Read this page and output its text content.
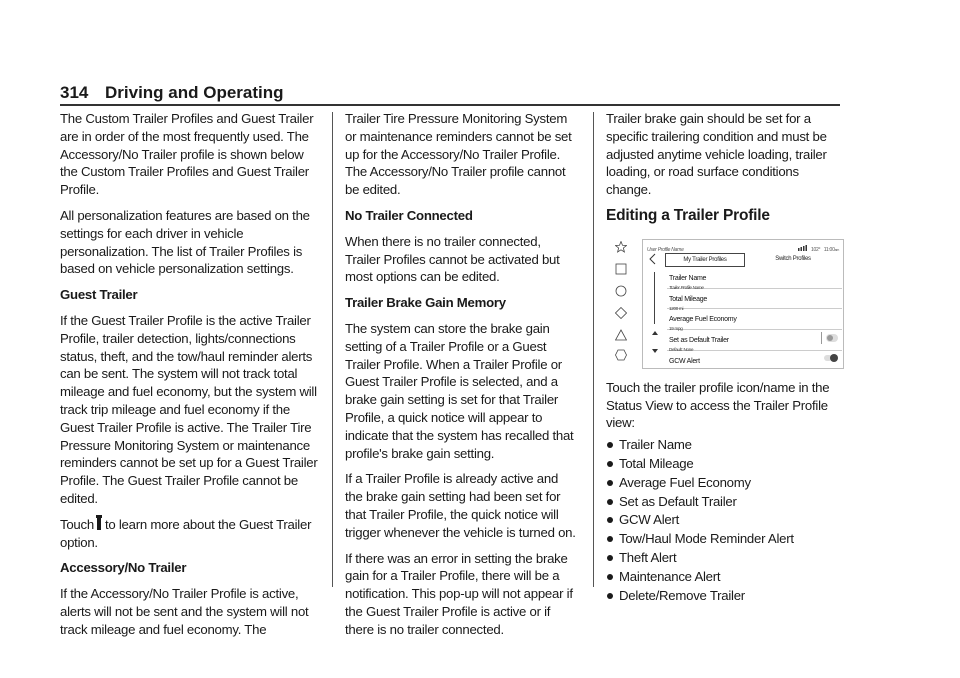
314 Driving and Operating

The Custom Trailer Profiles and Guest Trailer are in order of the most frequently used. The Accessory/No Trailer profile is shown below the Custom Trailer Profiles and Guest Trailer Profile.

All personalization features are based on the settings for each driver in vehicle personalization. The list of Trailer Profiles is based on vehicle personalization settings.

Guest Trailer

If the Guest Trailer Profile is the active Trailer Profile, trailer detection, lights/connections status, theft, and the tow/haul reminder alerts can be sent. The system will not track total mileage and fuel economy, but the system will track trip mileage and fuel economy if the Guest Trailer Profile is active. The Trailer Tire Pressure Monitoring System or maintenance reminders cannot be set up for a Guest Trailer Profile. The Guest Trailer Profile cannot be edited.

Touch to learn more about the Guest Trailer option.

Accessory/No Trailer

If the Accessory/No Trailer Profile is active, alerts will not be sent and the system will not track mileage and fuel economy. The

Trailer Tire Pressure Monitoring System or maintenance reminders cannot be set up for the Accessory/No Trailer Profile. The Accessory/No Trailer profile cannot be edited.

No Trailer Connected

When there is no trailer connected, Trailer Profiles cannot be activated but most options can be edited.

Trailer Brake Gain Memory

The system can store the brake gain setting of a Trailer Profile or a Guest Trailer Profile. When a Trailer Profile or Guest Trailer Profile is selected, and a brake gain setting is set for that Trailer Profile, a quick notice will appear to indicate that the system has recalled that profile's brake gain setting.

If a Trailer Profile is already active and the brake gain setting had been set for that Trailer Profile, the quick notice will trigger whenever the vehicle is turned on.

If there was an error in setting the brake gain for a Trailer Profile, there will be a notification. This pop-up will not appear if the Guest Trailer Profile is active or if there is no trailer connected.

Trailer brake gain should be set for a specific trailering condition and must be adjusted anytime vehicle loading, trailer loading, or road surface conditions change.

Editing a Trailer Profile
User Profile Name	102° 11:00am
My Trailer Profiles	Switch Profiles
Trailer Name
Trailer Profile Name
Total Mileage
1200 mi
Average Fuel Economy
19 mpg
Set as Default Trailer
Default: None
GCW Alert

Touch the trailer profile icon/name in the Status View to access the Trailer Profile view:

Trailer Name
Total Mileage
Average Fuel Economy
Set as Default Trailer
GCW Alert
Tow/Haul Mode Reminder Alert
Theft Alert
Maintenance Alert
Delete/Remove Trailer
